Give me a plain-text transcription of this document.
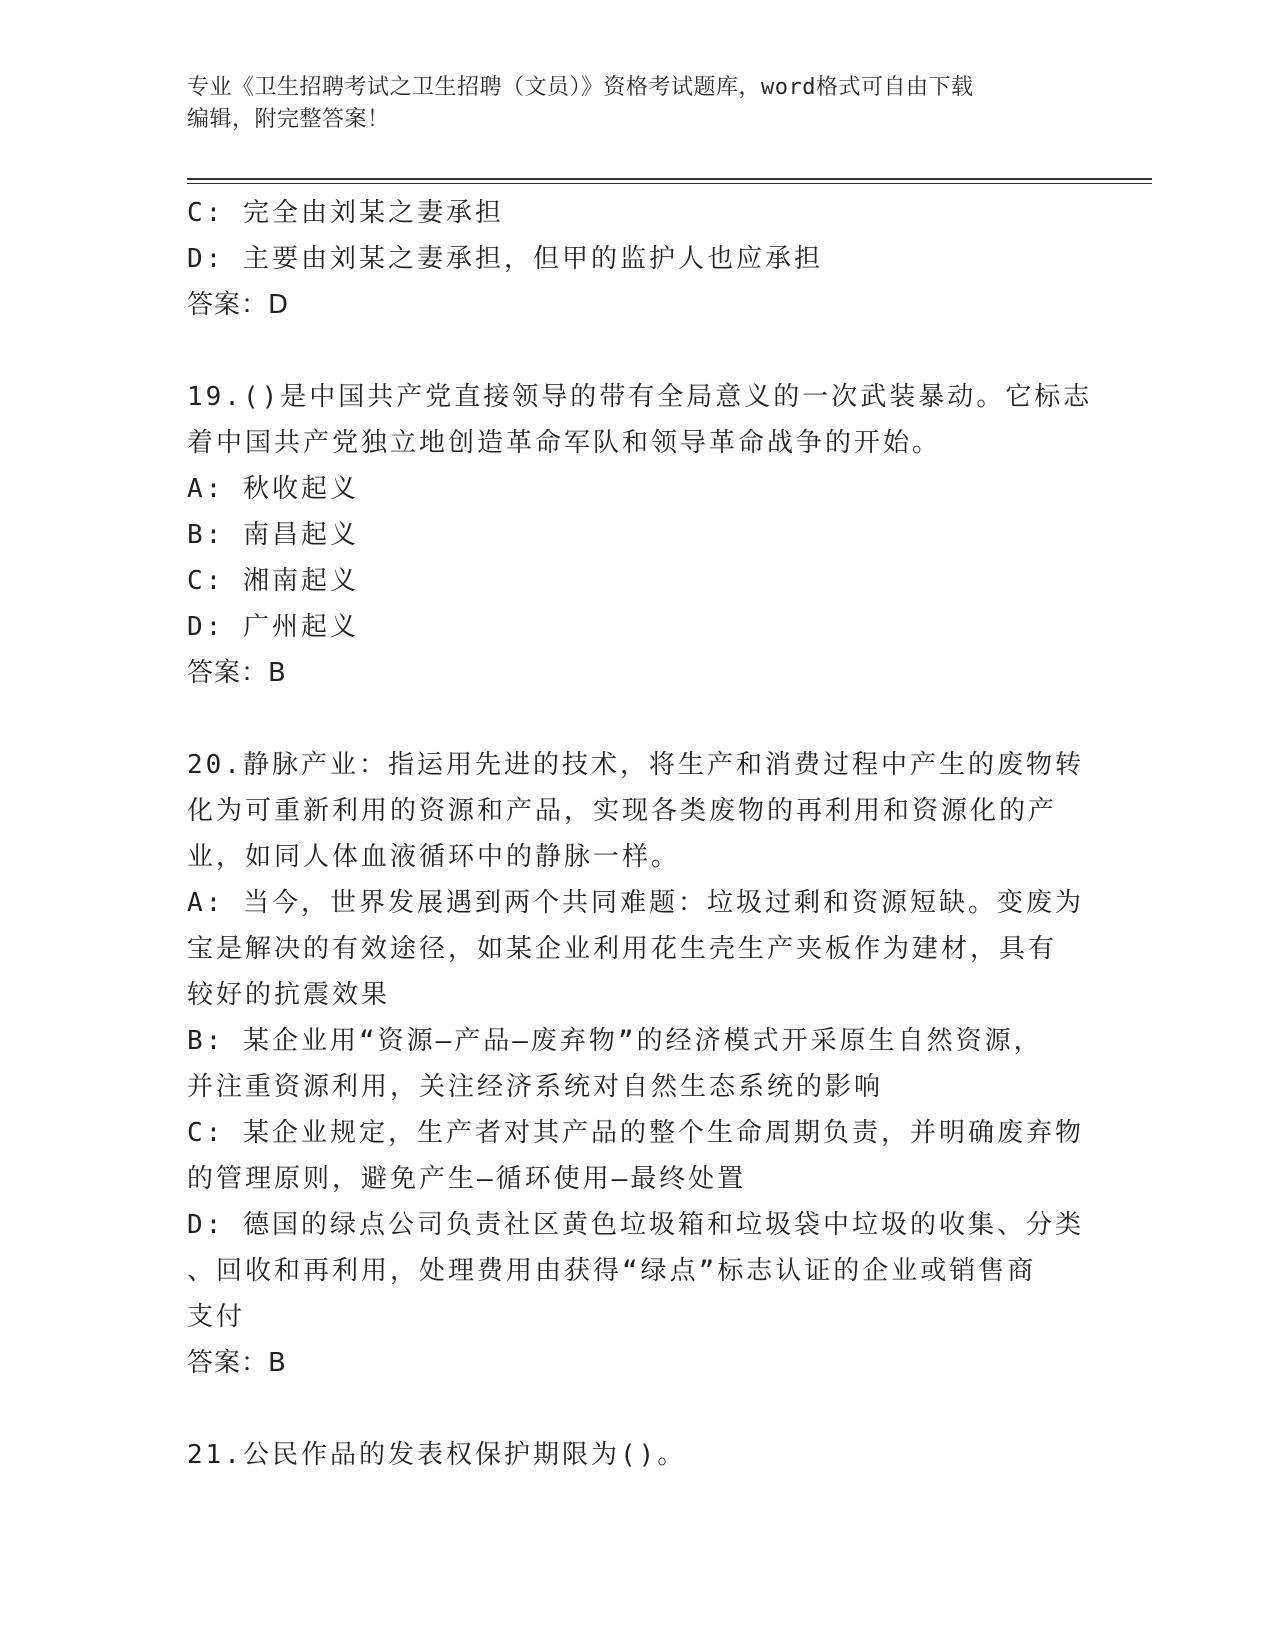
专业《卫生招聘考试之卫生招聘（文员）》资格考试题库，word格式可自由下载
编辑，附完整答案！
C: 完全由刘某之妻承担
D: 主要由刘某之妻承担，但甲的监护人也应承担
答案：D
19.()是中国共产党直接领导的带有全局意义的一次武装暴动。它标志
着中国共产党独立地创造革命军队和领导革命战争的开始。
A: 秋收起义
B: 南昌起义
C: 湘南起义
D: 广州起义
答案：B
20.静脉产业：指运用先进的技术，将生产和消费过程中产生的废物转
化为可重新利用的资源和产品，实现各类废物的再利用和资源化的产
业，如同人体血液循环中的静脉一样。
A: 当今，世界发展遇到两个共同难题：垃圾过剩和资源短缺。变废为
宝是解决的有效途径，如某企业利用花生壳生产夹板作为建材，具有
较好的抗震效果
B: 某企业用“资源—产品—废弃物”的经济模式开采原生自然资源，
并注重资源利用，关注经济系统对自然生态系统的影响
C: 某企业规定，生产者对其产品的整个生命周期负责，并明确废弃物
的管理原则，避免产生—循环使用—最终处置
D: 德国的绿点公司负责社区黄色垃圾箱和垃圾袋中垃圾的收集、分类
、回收和再利用，处理费用由获得“绿点”标志认证的企业或销售商
支付
答案：B
21.公民作品的发表权保护期限为()。
